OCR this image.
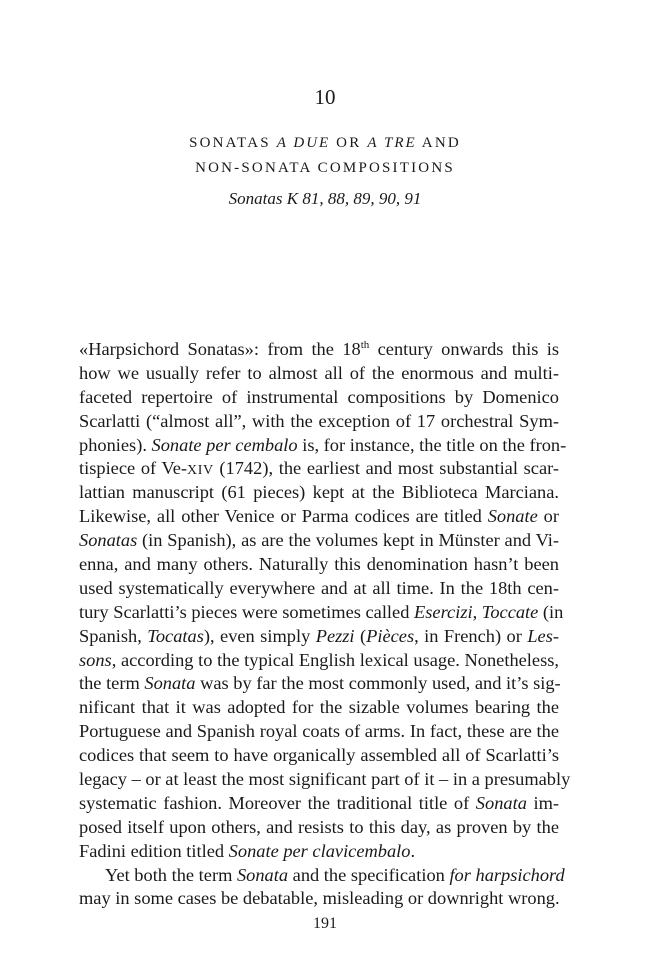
10
SONATAS A DUE OR A TRE AND
NON-SONATA COMPOSITIONS
Sonatas K 81, 88, 89, 90, 91
«Harpsichord Sonatas»: from the 18th century onwards this is
how we usually refer to almost all of the enormous and multi-
faceted repertoire of instrumental compositions by Domenico
Scarlatti (“almost all”, with the exception of 17 orchestral Sym-
phonies). Sonate per cembalo is, for instance, the title on the fron-
tispiece of Ve-XIV (1742), the earliest and most substantial scar-
lattian manuscript (61 pieces) kept at the Biblioteca Marciana.
Likewise, all other Venice or Parma codices are titled Sonate or
Sonatas (in Spanish), as are the volumes kept in Münster and Vi-
enna, and many others. Naturally this denomination hasn’t been
used systematically everywhere and at all time. In the 18th cen-
tury Scarlatti’s pieces were sometimes called Esercizi, Toccate (in
Spanish, Tocatas), even simply Pezzi (Pièces, in French) or Les-
sons, according to the typical English lexical usage. Nonetheless,
the term Sonata was by far the most commonly used, and it’s sig-
nificant that it was adopted for the sizable volumes bearing the
Portuguese and Spanish royal coats of arms. In fact, these are the
codices that seem to have organically assembled all of Scarlatti’s
legacy – or at least the most significant part of it – in a presumably
systematic fashion. Moreover the traditional title of Sonata im-
posed itself upon others, and resists to this day, as proven by the
Fadini edition titled Sonate per clavicembalo.
Yet both the term Sonata and the specification for harpsichord
may in some cases be debatable, misleading or downright wrong.
191
